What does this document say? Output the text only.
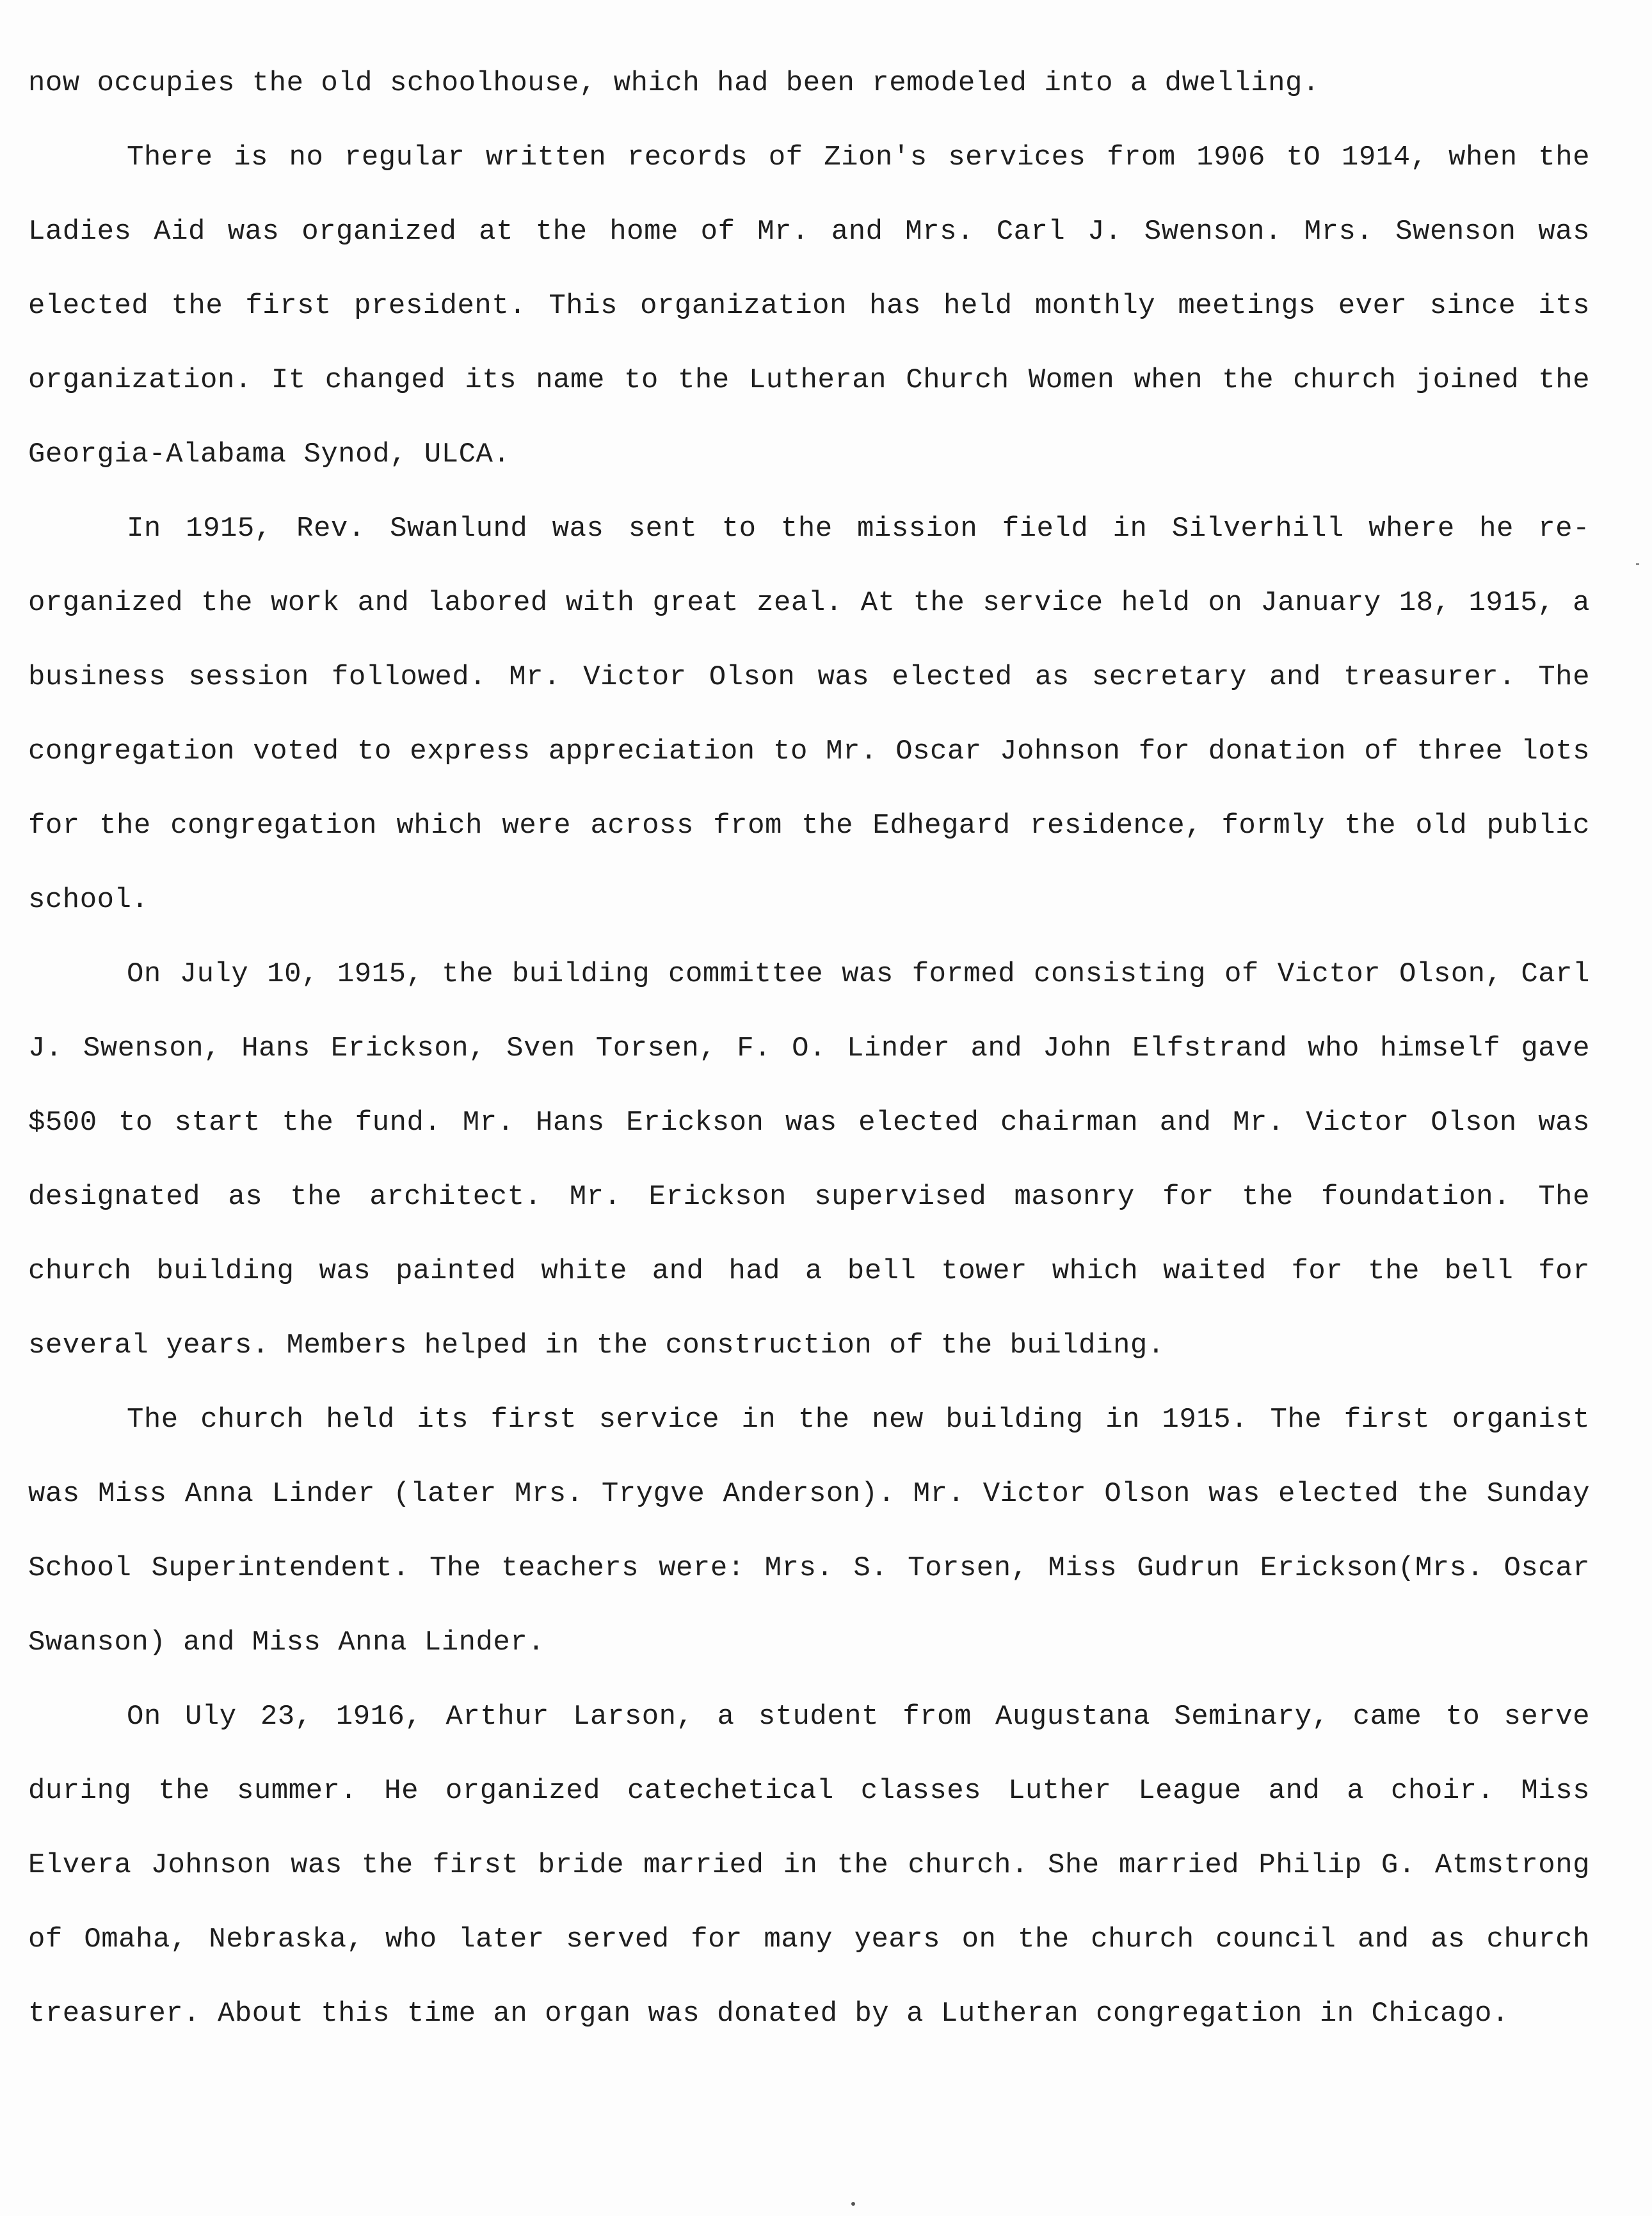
now occupies the old schoolhouse, which had been remodeled into a dwelling.

There is no regular written records of Zion's services from 1906 tO 1914, when the Ladies Aid was organized at the home of Mr. and Mrs. Carl J. Swenson. Mrs. Swenson was elected the first president. This organization has held monthly meetings ever since its organization. It changed its name to the Lutheran Church Women when the church joined the Georgia-Alabama Synod, ULCA.

In 1915, Rev. Swanlund was sent to the mission field in Silverhill where he re-organized the work and labored with great zeal. At the service held on January 18, 1915, a business session followed. Mr. Victor Olson was elected as secretary and treasurer. The congregation voted to express appreciation to Mr. Oscar Johnson for donation of three lots for the congregation which were across from the Edhegard residence, formly the old public school.

On July 10, 1915, the building committee was formed consisting of Victor Olson, Carl J. Swenson, Hans Erickson, Sven Torsen, F. O. Linder and John Elfstrand who himself gave $500 to start the fund. Mr. Hans Erickson was elected chairman and Mr. Victor Olson was designated as the architect. Mr. Erickson supervised masonry for the foundation. The church building was painted white and had a bell tower which waited for the bell for several years. Members helped in the construction of the building.

The church held its first service in the new building in 1915. The first organist was Miss Anna Linder (later Mrs. Trygve Anderson). Mr. Victor Olson was elected the Sunday School Superintendent. The teachers were: Mrs. S. Torsen, Miss Gudrun Erickson(Mrs. Oscar Swanson) and Miss Anna Linder.

On Uly 23, 1916, Arthur Larson, a student from Augustana Seminary, came to serve during the summer. He organized catechetical classes Luther League and a choir. Miss Elvera Johnson was the first bride married in the church. She married Philip G. Atmstrong of Omaha, Nebraska, who later served for many years on the church council and as church treasurer. About this time an organ was donated by a Lutheran congregation in Chicago.
